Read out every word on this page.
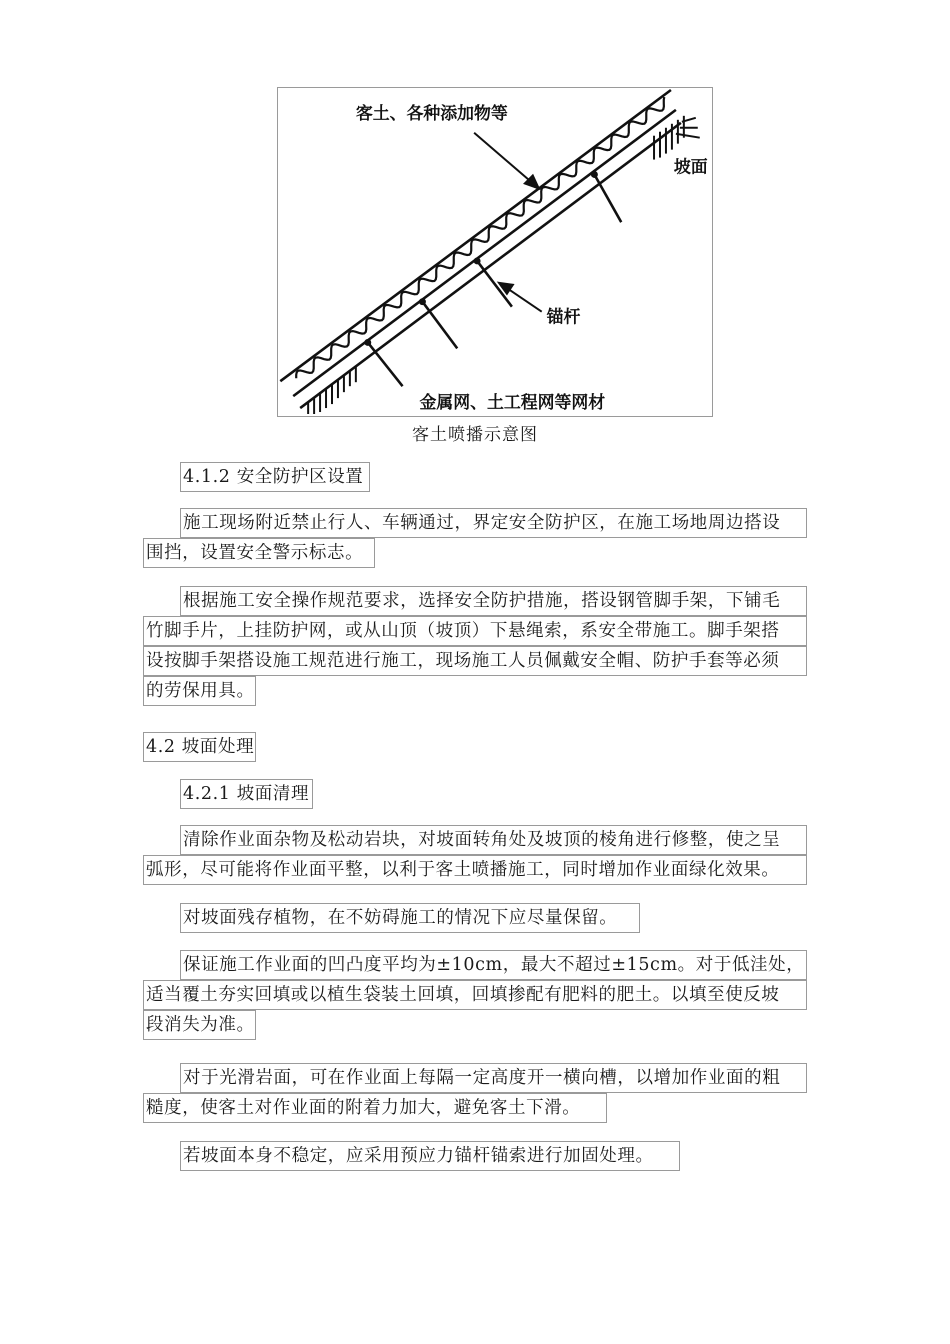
客土、各种添加物等
坡面
锚杆
金属网、土工程网等网材
客土喷播示意图
4.1.2 安全防护区设置
施工现场附近禁止行人、车辆通过，界定安全防护区，在施工场地周边搭设
围挡，设置安全警示标志。
根据施工安全操作规范要求，选择安全防护措施，搭设钢管脚手架，下铺毛
竹脚手片，上挂防护网，或从山顶（坡顶）下悬绳索，系安全带施工。脚手架搭
设按脚手架搭设施工规范进行施工，现场施工人员佩戴安全帽、防护手套等必须
的劳保用具。
4.2 坡面处理
4.2.1 坡面清理
清除作业面杂物及松动岩块，对坡面转角处及坡顶的棱角进行修整，使之呈
弧形，尽可能将作业面平整，以利于客土喷播施工，同时增加作业面绿化效果。
对坡面残存植物，在不妨碍施工的情况下应尽量保留。
保证施工作业面的凹凸度平均为±10cm，最大不超过±15cm。对于低洼处，
适当覆土夯实回填或以植生袋装土回填，回填掺配有肥料的肥土。以填至使反坡
段消失为准。
对于光滑岩面，可在作业面上每隔一定高度开一横向槽，以增加作业面的粗
糙度，使客土对作业面的附着力加大，避免客土下滑。
若坡面本身不稳定，应采用预应力锚杆锚索进行加固处理。
